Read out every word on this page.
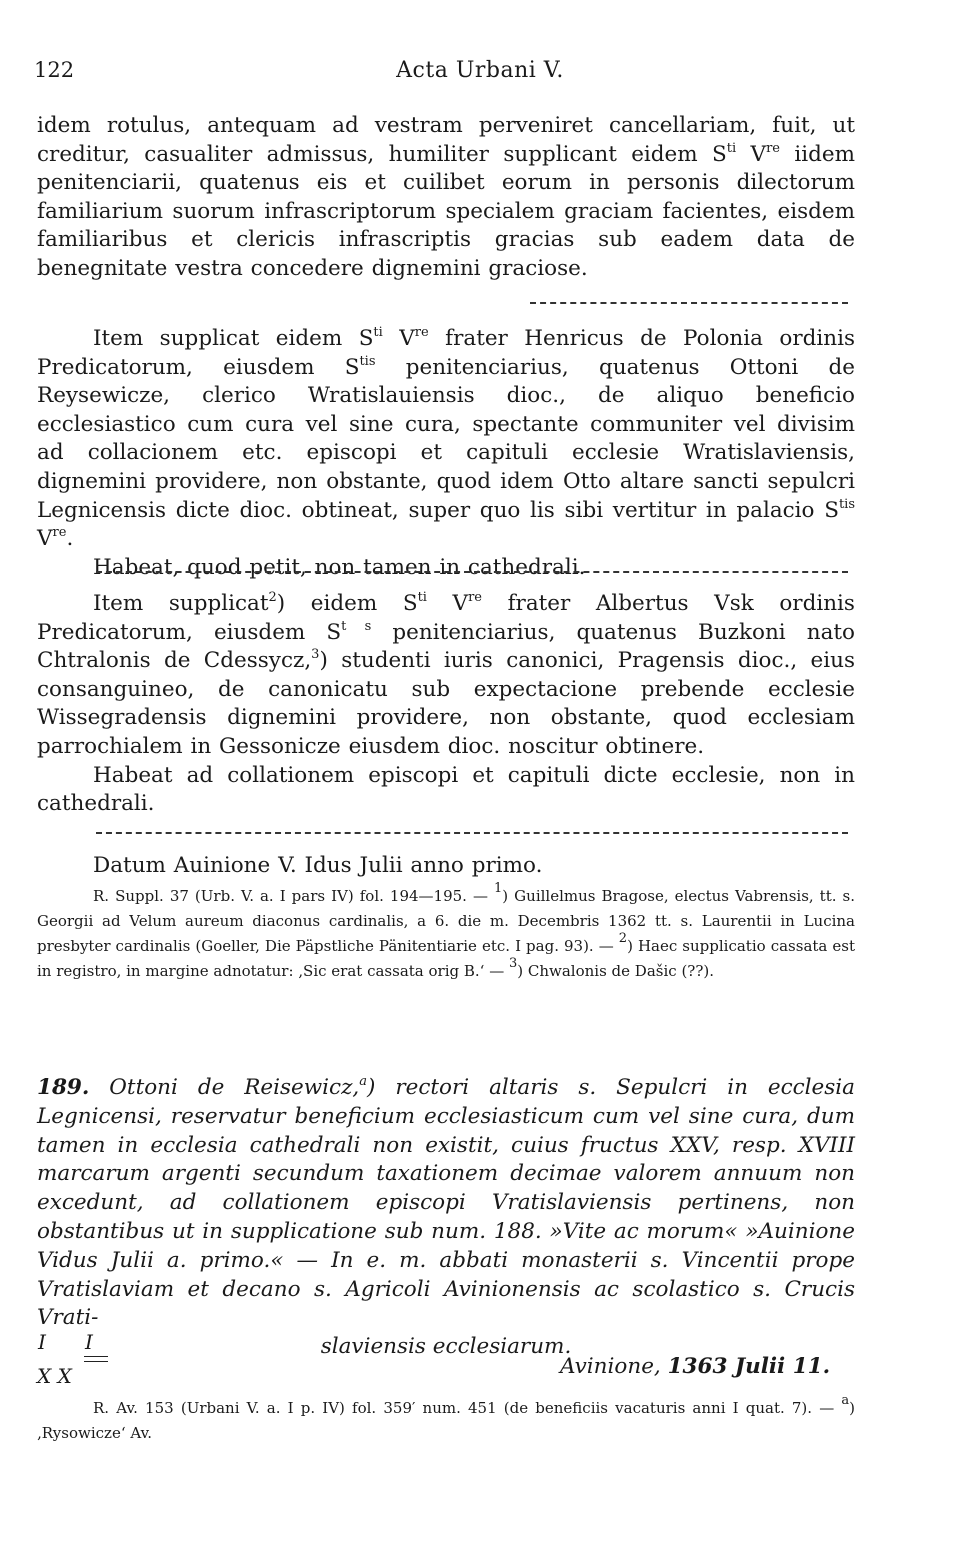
122	Acta Urbani V.

idem rotulus, antequam ad vestram perveniret cancellariam, fuit, ut creditur, casualiter admissus, humiliter supplicant eidem $S^{ti}$ Vre iidem penitenciarii, quatenus eis et cuilibet eorum in personis dilectorum familiarium suorum infrascriptorum specialem graciam facientes, eisdem familiaribus et clericis infrascriptis gracias sub eadem data de benegnitate vestra concedere dignemini graciose.

Item supplicat eidem $S^{ti}$ Vre frater Henricus de Polonia ordinis Predicatorum, eiusdem $S^{tis}$ penitenciarius, quatenus Ottoni de Reysewicze, clerico Wratislauiensis dioc., de aliquo beneficio ecclesiastico cum cura vel sine cura, spectante communiter vel divisim ad collacionem etc. episcopi et capituli ecclesie Wratislaviensis, dignemini providere, non obstante, quod idem Otto altare sancti sepulcri Legnicensis dicte dioc. obtineat, super quo lis sibi vertitur in palacio $S^{tis}$ Vre.

Habeat, quod petit, non tamen in cathedrali.

Item supplicat$^2$) eidem $S^{ti}$ Vre frater Albertus Vsk ordinis Predicatorum, eiusdem $S^{t s}$ penitenciarius, quatenus Buzkoni nato Chtralonis de Cdessycz,$^3$) studenti iuris canonici, Pragensis dioc., eius consanguineo, de canonicatu sub expectacione prebende ecclesie Wissegradensis dignemini providere, non obstante, quod ecclesiam parrochialem in Gessonicze eiusdem dioc. noscitur obtinere.

Habeat ad collationem episcopi et capituli dicte ecclesie, non in cathedrali.

Datum Auinione V. Idus Julii anno primo.

R. Suppl. 37 (Urb. V. a. I pars IV) fol. 194—195. — $^1$) Guillelmus Bragose, electus Vabrensis, tt. s. Georgii ad Velum aureum diaconus cardinalis, a 6. die m. Decembris 1362 tt. s. Laurentii in Lucina presbyter cardinalis (Goeller, Die Päpstliche Pänitentiarie etc. I pag. 93). — $^2$) Haec supplicatio cassata est in registro, in margine adnotatur: ‚Sic erat cassata orig B.‘ — $^3$) Chwalonis de Dašic (??).

189. Ottoni de Reisewicz,$^a$) rectori altaris s. Sepulcri in ecclesia Legnicensi, reservatur beneficium ecclesiasticum cum vel sine cura, dum tamen in ecclesia cathedrali non existit, cuius fructus XXV, resp. XVIII marcarum argenti secundum taxationem decimae valorem annuum non excedunt, ad collationem episcopi Vratislaviensis pertinens, non obstantibus ut in supplicatione sub num. 188. »Vite ac morum« »Auinione Vidus Julii a. primo.« — In e. m. abbati monasterii s. Vincentii prope Vratislaviam et decano s. Agricoli Avinionensis ac scolastico s. Crucis Vrati-

slaviensis ecclesiarum.

I I
X X	Avinione, 1363 Julii 11.

R. Av. 153 (Urbani V. a. I p. IV) fol. 359′ num. 451 (de beneficiis vacaturis anni I quat. 7). — $^a$) ‚Rysowicze‘ Av.
